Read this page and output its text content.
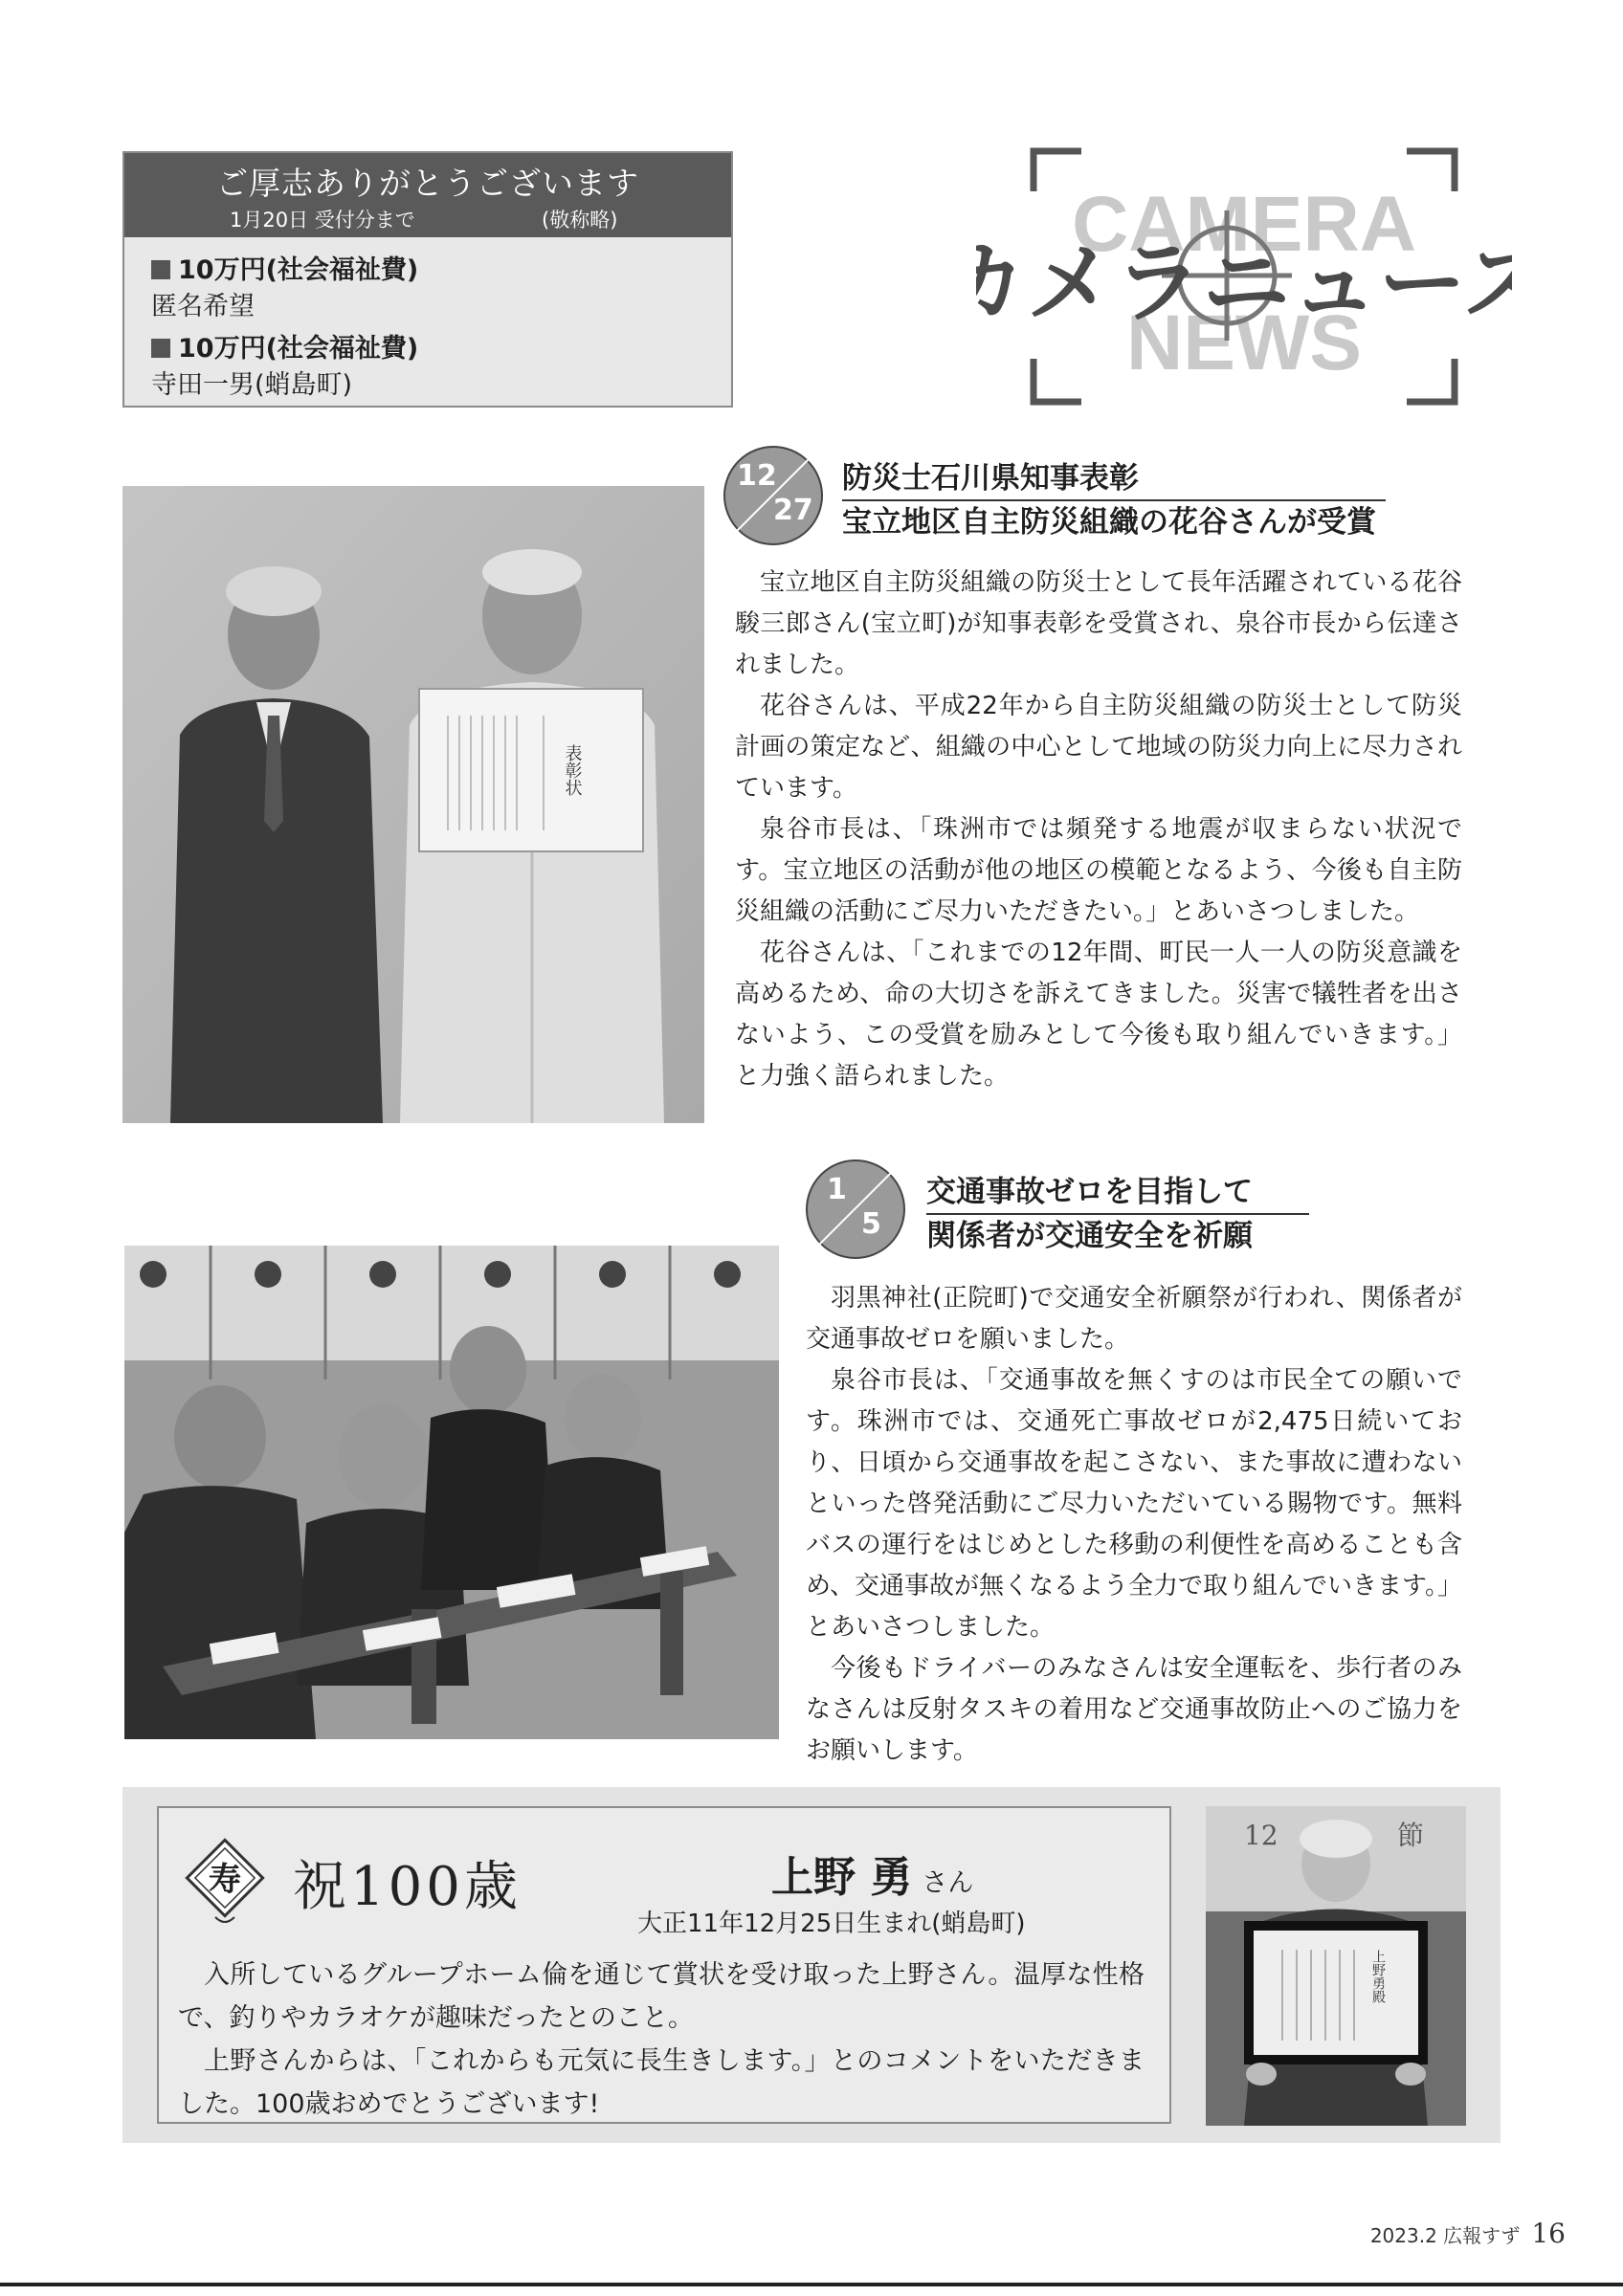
ご厚志ありがとうございます
1月20日 受付分まで	(敬称略)
10万円(社会福祉費)
匿名希望
10万円(社会福祉費)
寺田一男(蛸島町)
CAMERA
NEWS
カメラニュース
表彰状
12
27
防災士石川県知事表彰
宝立地区自主防災組織の花谷さんが受賞

宝立地区自主防災組織の防災士として長年活躍されている花谷駿三郎さん(宝立町)が知事表彰を受賞され、泉谷市長から伝達されました。

花谷さんは、平成22年から自主防災組織の防災士として防災計画の策定など、組織の中心として地域の防災力向上に尽力されています。

泉谷市長は、「珠洲市では頻発する地震が収まらない状況です。宝立地区の活動が他の地区の模範となるよう、今後も自主防災組織の活動にご尽力いただきたい。」とあいさつしました。

花谷さんは、「これまでの12年間、町民一人一人の防災意識を高めるため、命の大切さを訴えてきました。災害で犠牲者を出さないよう、この受賞を励みとして今後も取り組んでいきます。」と力強く語られました。

1
5
交通事故ゼロを目指して
関係者が交通安全を祈願

羽黒神社(正院町)で交通安全祈願祭が行われ、関係者が交通事故ゼロを願いました。

泉谷市長は、「交通事故を無くすのは市民全ての願いです。珠洲市では、交通死亡事故ゼロが2,475日続いており、日頃から交通事故を起こさない、また事故に遭わないといった啓発活動にご尽力いただいている賜物です。無料バスの運行をはじめとした移動の利便性を高めることも含め、交通事故が無くなるよう全力で取り組んでいきます。」とあいさつしました。

今後もドライバーのみなさんは安全運転を、歩行者のみなさんは反射タスキの着用など交通事故防止へのご協力をお願いします。

寿 祝100歳	上野 勇 さん
大正11年12月25日生まれ(蛸島町)

入所しているグループホーム倫を通じて賞状を受け取った上野さん。温厚な性格で、釣りやカラオケが趣味だったとのこと。

上野さんからは、「これからも元気に長生きします。」とのコメントをいただきました。100歳おめでとうございます!

12	節
上野勇殿
2023.2 広報すず 16
